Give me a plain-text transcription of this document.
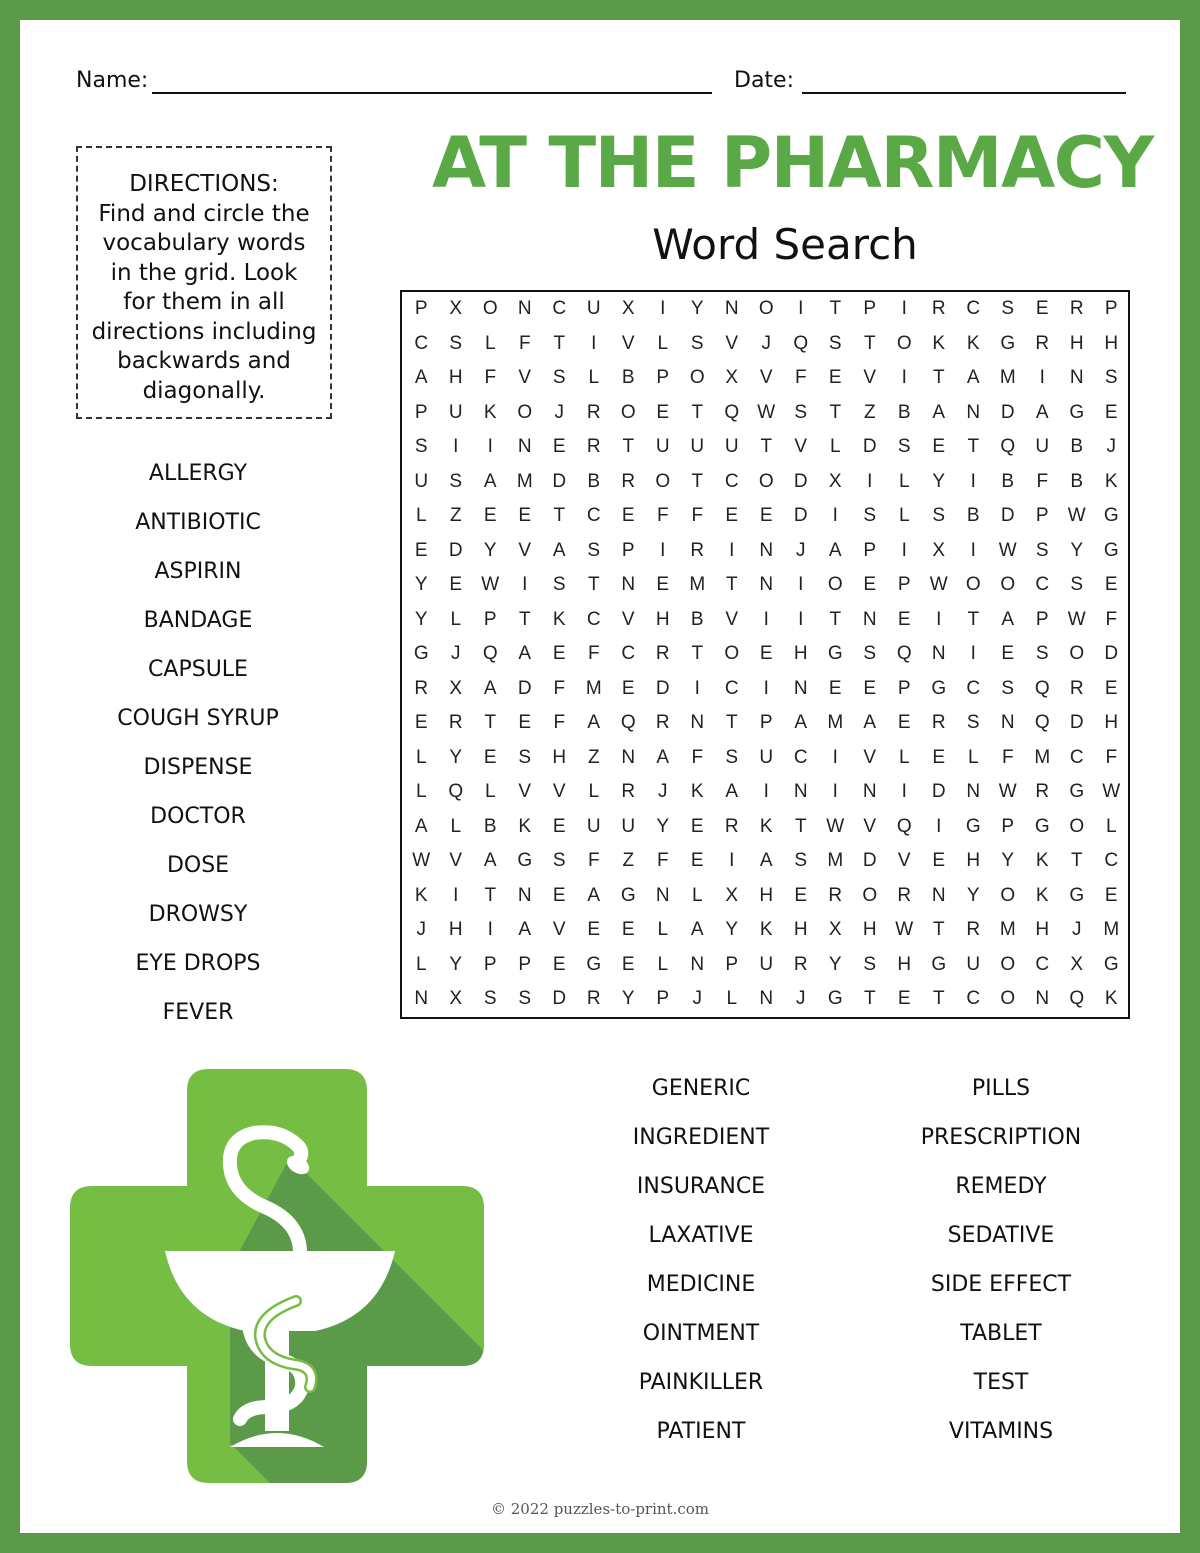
Name:	Date:
DIRECTIONS:
Find and circle the
vocabulary words
in the grid. Look
for them in all
directions including
backwards and
diagonally.
AT THE PHARMACY
Word Search
ALLERGY
ANTIBIOTIC
ASPIRIN
BANDAGE
CAPSULE
COUGH SYRUP
DISPENSE
DOCTOR
DOSE
DROWSY
EYE DROPS
FEVER
P	X	O	N	C	U	X	I	Y	N	O	I	T	P	I	R	C	S	E	R	P
C	S	L	F	T	I	V	L	S	V	J	Q	S	T	O	K	K	G	R	H	H
A	H	F	V	S	L	B	P	O	X	V	F	E	V	I	T	A	M	I	N	S
P	U	K	O	J	R	O	E	T	Q W	S	T	Z	B	A	N	D	A	G	E
S	I	I	N	E	R	T	U	U	U	T	V	L	D	S	E	T	Q	U	B	J
U	S	A	M	D	B	R	O	T	C	O	D	X	I	L	Y	I	B	F	B	K
L	Z	E	E	T	C	E	F	F	E	E	D	I	S	L	S	B	D	P	W G
E	D	Y	V	A	S	P	I	R	I	N	J	A	P	I	X	I	W	S	Y	G
Y	E	W	I	S	T	N	E	M	T	N	I	O	E	P	W O	O	C	S	E
Y	L	P	T	K	C	V	H	B	V	I	I	T	N	E	I	T	A	P	W	F
G	J	Q	A	E	F	C	R	T	O	E	H	G	S	Q	N	I	E	S	O	D
R	X	A	D	F	M	E	D	I	C	I	N	E	E	P	G	C	S	Q	R	E
E	R	T	E	F	A	Q	R	N	T	P	A	M	A	E	R	S	N	Q	D	H
L	Y	E	S	H	Z	N	A	F	S	U	C	I	V	L	E	L	F	M	C	F
L	Q	L	V	V	L	R	J	K	A	I	N	I	N	I	D	N W R	G W
A	L	B	K	E	U	U	Y	E	R	K	T	W	V	Q	I	G	P	G	O	L
W	V	A	G	S	F	Z	F	E	I	A	S	M	D	V	E	H	Y	K	T	C
K	I	T	N	E	A	G	N	L	X	H	E	R	O	R	N	Y	O	K	G	E
J	H	I	A	V	E	E	L	A	Y	K	H	X	H W	T	R	M	H	J	M
L	Y	P	P	E	G	E	L	N	P	U	R	Y	S	H	G	U	O	C	X	G
N	X	S	S	D	R	Y	P	J	L	N	J	G	T	E	T	C	O	N	Q	K
GENERIC
INGREDIENT
INSURANCE
LAXATIVE
MEDICINE
OINTMENT
PAINKILLER
PATIENT
PILLS
PRESCRIPTION
REMEDY
SEDATIVE
SIDE EFFECT
TABLET
TEST
VITAMINS
© 2022 puzzles-to-print.com
